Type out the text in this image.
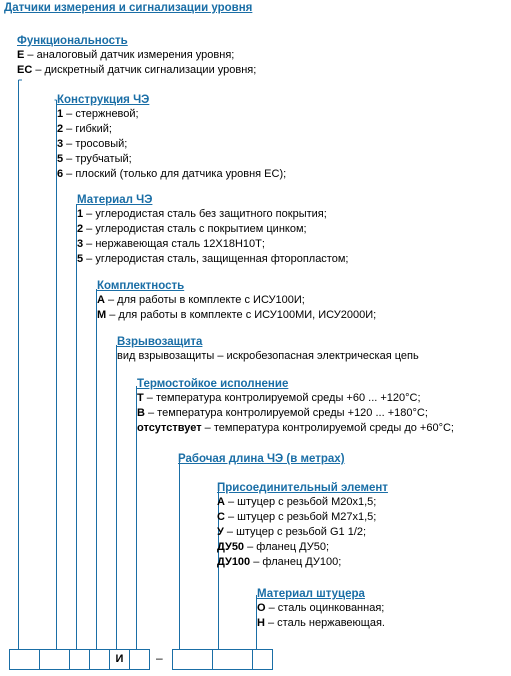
Датчики измерения и сигнализации уровня
Функциональность
Е – аналоговый датчик измерения уровня;
ЕС – дискретный датчик сигнализации уровня;
Конструкция ЧЭ
1 – стержневой;
2 – гибкий;
3 – тросовый;
5 – трубчатый;
6 – плоский (только для датчика уровня ЕС);
Материал ЧЭ
1 – углеродистая сталь без защитного покрытия;
2 – углеродистая сталь с покрытием цинком;
3 – нержавеющая сталь 12Х18Н10Т;
5 – углеродистая сталь, защищенная фторопластом;
Комплектность
А – для работы в комплекте с ИСУ100И;
М – для работы в комплекте с ИСУ100МИ, ИСУ2000И;
Взрывозащита
вид взрывозащиты – искробезопасная электрическая цепь
Термостойкое исполнение
Т – температура контролируемой среды +60 ... +120°С;
В – температура контролируемой среды +120 ... +180°С;
отсутствует – температура контролируемой среды до +60°С;
Рабочая длина ЧЭ (в метрах)
Присоединительный элемент
А – штуцер с резьбой М20х1,5;
С – штуцер с резьбой М27х1,5;
У – штуцер с резьбой G1 1/2;
ДУ50 – фланец ДУ50;
ДУ100 – фланец ДУ100;
Материал штуцера
О – сталь оцинкованная;
Н – сталь нержавеющая.
И	–
